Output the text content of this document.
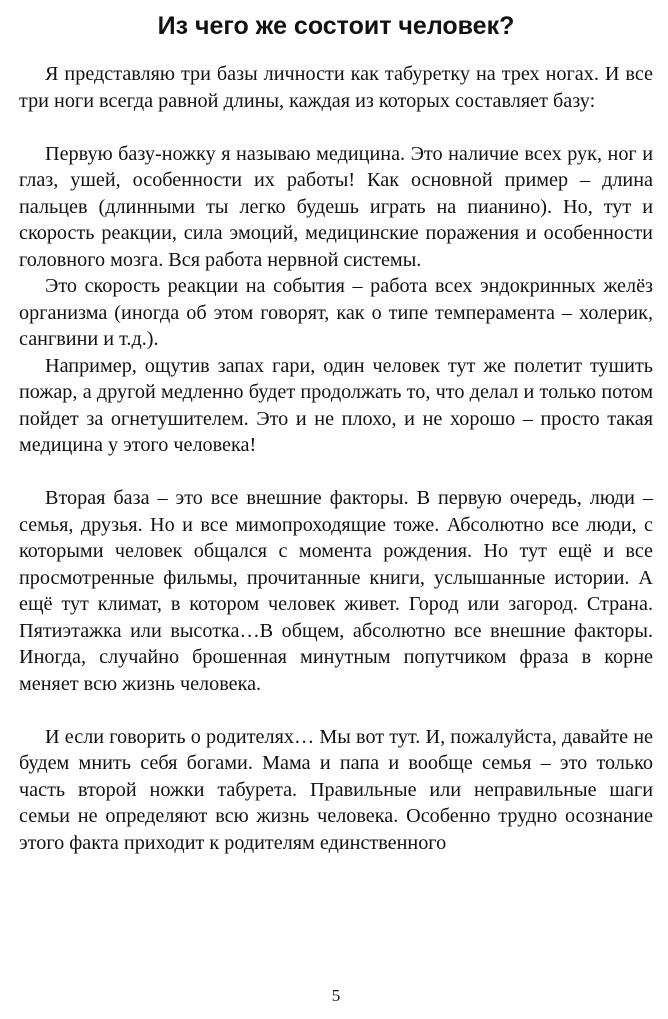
Из чего же состоит человек?

Я представляю три базы личности как табуретку на трех ногах. И все три ноги всегда равной длины, каждая из которых составляет базу:

Первую базу-ножку я называю медицина. Это наличие всех рук, ног и глаз, ушей, особенности их работы! Как основной пример – длина пальцев (длинными ты легко будешь играть на пианино). Но, тут и скорость реакции, сила эмоций, медицинские поражения и особенности головного мозга. Вся работа нервной системы.

Это скорость реакции на события – работа всех эндокринных желёз организма (иногда об этом говорят, как о типе темперамента – холерик, сангвини и т.д.).

Например, ощутив запах гари, один человек тут же полетит тушить пожар, а другой медленно будет продолжать то, что делал и только потом пойдет за огнетушителем. Это и не плохо, и не хорошо – просто такая медицина у этого человека!

Вторая база – это все внешние факторы. В первую очередь, люди – семья, друзья. Но и все мимопроходящие тоже. Абсолютно все люди, с которыми человек общался с момента рождения. Но тут ещё и все просмотренные фильмы, прочитанные книги, услышанные истории. А ещё тут климат, в котором человек живет. Город или загород. Страна. Пятиэтажка или высотка…В общем, абсолютно все внешние факторы. Иногда, случайно брошенная минутным попутчиком фраза в корне меняет всю жизнь человека.

И если говорить о родителях… Мы вот тут. И, пожалуйста, давайте не будем мнить себя богами. Мама и папа и вообще семья – это только часть второй ножки табурета. Правильные или неправильные шаги семьи не определяют всю жизнь человека. Особенно трудно осознание этого факта приходит к родителям единственного

5
